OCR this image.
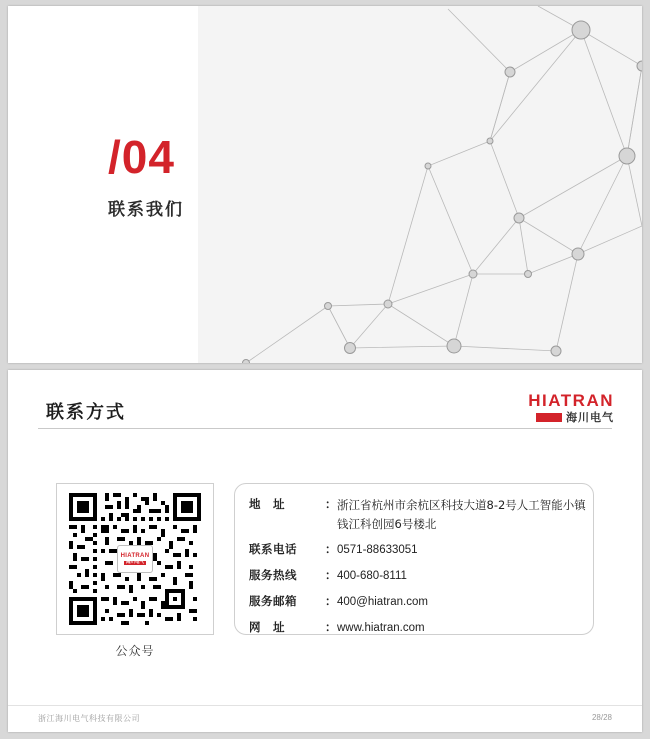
/04
联系我们
联系方式
HIATRAN
海川电气
HIATRAN
海川电气
公众号
地　址	： 浙江省杭州市余杭区科技大道8-2号人工智能小镇
钱江科创园6号楼北
联系电话	： 0571-88633051
服务热线	： 400-680-8111
服务邮箱	： 400@hiatran.com
网　址	： www.hiatran.com
浙江海川电气科技有限公司	28/28
